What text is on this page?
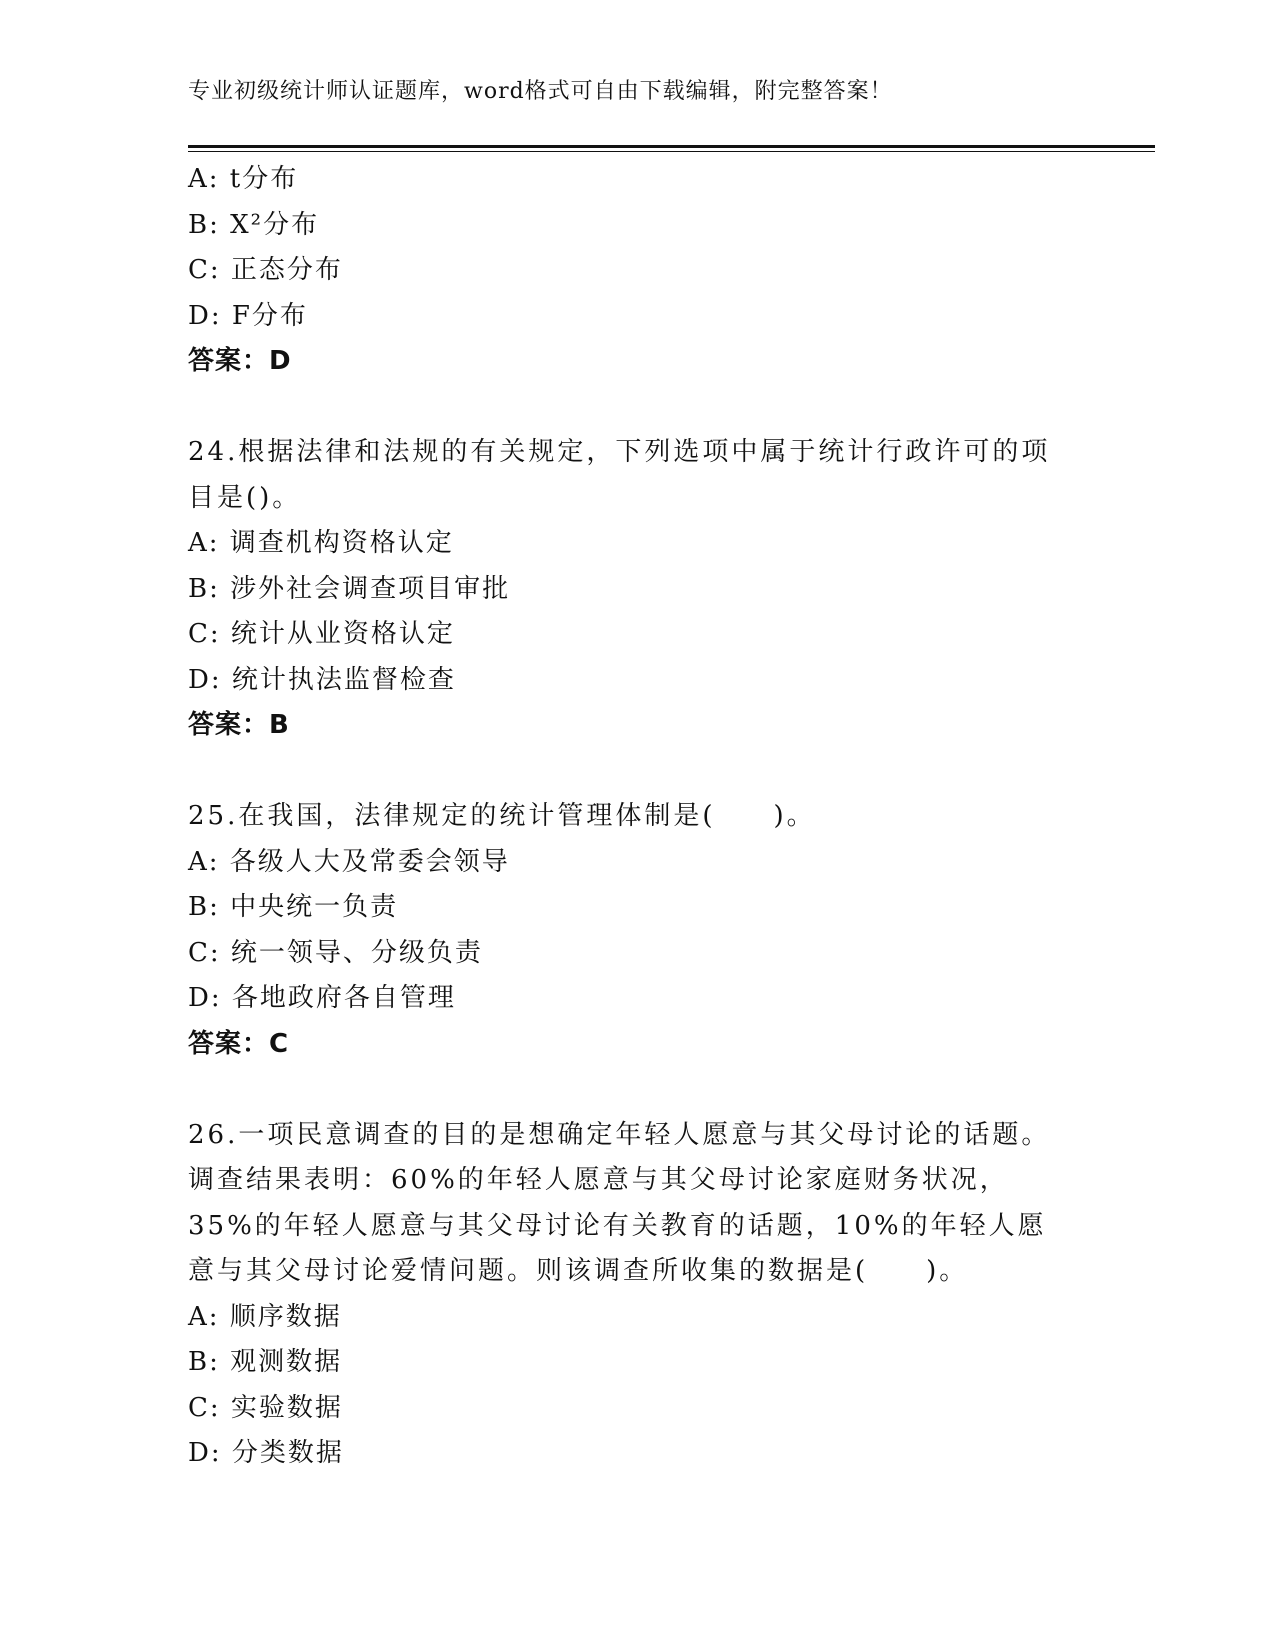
专业初级统计师认证题库，word格式可自由下载编辑，附完整答案！
A: t分布
B: X²分布
C: 正态分布
D: F分布
答案：D
24.根据法律和法规的有关规定，下列选项中属于统计行政许可的项目是()。
A: 调查机构资格认定
B: 涉外社会调查项目审批
C: 统计从业资格认定
D: 统计执法监督检查
答案：B
25.在我国，法律规定的统计管理体制是(　　)。
A: 各级人大及常委会领导
B: 中央统一负责
C: 统一领导、分级负责
D: 各地政府各自管理
答案：C
26.一项民意调查的目的是想确定年轻人愿意与其父母讨论的话题。调查结果表明：60%的年轻人愿意与其父母讨论家庭财务状况，35%的年轻人愿意与其父母讨论有关教育的话题，10%的年轻人愿意与其父母讨论爱情问题。则该调查所收集的数据是(　　)。
A: 顺序数据
B: 观测数据
C: 实验数据
D: 分类数据
